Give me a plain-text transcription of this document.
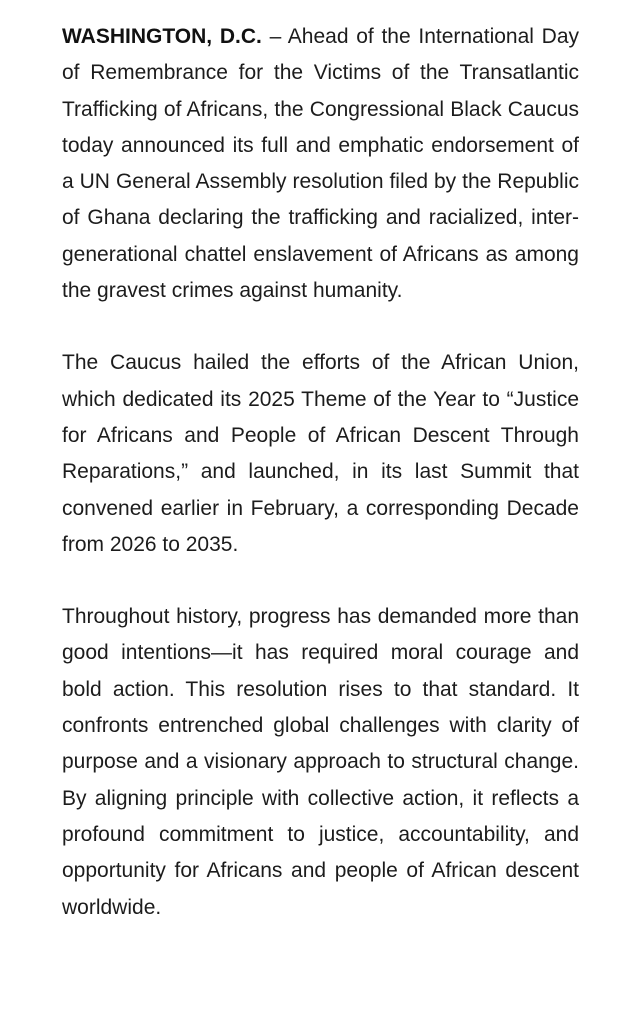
WASHINGTON, D.C. – Ahead of the International Day of Remembrance for the Victims of the Transatlantic Trafficking of Africans, the Congressional Black Caucus today announced its full and emphatic endorsement of a UN General Assembly resolution filed by the Republic of Ghana declaring the trafficking and racialized, inter-generational chattel enslavement of Africans as among the gravest crimes against humanity.

The Caucus hailed the efforts of the African Union, which dedicated its 2025 Theme of the Year to “Justice for Africans and People of African Descent Through Reparations,” and launched, in its last Summit that convened earlier in February, a corresponding Decade from 2026 to 2035.

Throughout history, progress has demanded more than good intentions—it has required moral courage and bold action. This resolution rises to that standard. It confronts entrenched global challenges with clarity of purpose and a visionary approach to structural change. By aligning principle with collective action, it reflects a profound commitment to justice, accountability, and opportunity for Africans and people of African descent worldwide.
